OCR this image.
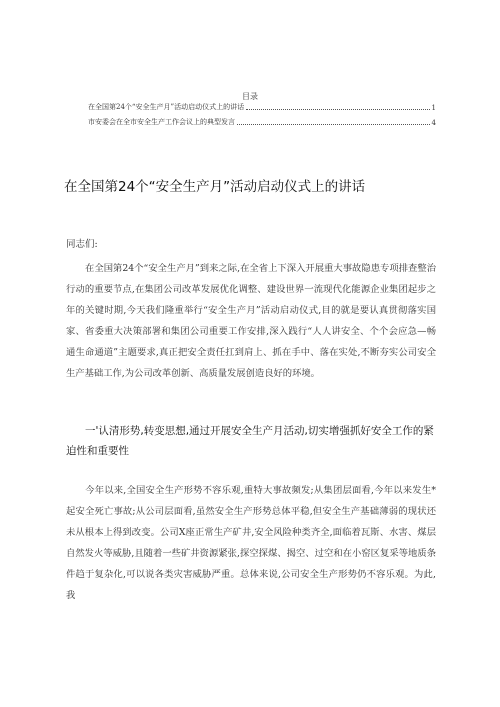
目录
在全国第24个“安全生产月”活动启动仪式上的讲话	1
市安委会在全市安全生产工作会议上的典型发言	4
在全国第24个“安全生产月”活动启动仪式上的讲话
同志们:

在全国第24个“安全生产月”到来之际,在全省上下深入开展重大事故隐患专项排查整治行动的重要节点,在集团公司改革发展优化调整、建设世界一流现代化能源企业集团起步之年的关键时期,今天我们隆重举行“安全生产月”活动启动仪式,目的就是要认真贯彻落实国家、省委重大决策部署和集团公司重要工作安排,深入践行“人人讲安全、个个会应急—畅通生命通道”主题要求,真正把安全责任扛到肩上、抓在手中、落在实处,不断夯实公司安全生产基础工作,为公司改革创新、高质量发展创造良好的环境。

一'认清形势,转变思想,通过开展安全生产月活动,切实增强抓好安全工作的紧迫性和重要性

今年以来,全国安全生产形势不容乐观,重特大事故频发;从集团层面看,今年以来发生*起安全死亡事故;从公司层面看,虽然安全生产形势总体平稳,但安全生产基础薄弱的现状还未从根本上得到改变。公司X座正常生产矿井,安全风险种类齐全,面临着瓦斯、水害、煤层自然发火等威胁,且随着一些矿井资源紧张,探空探煤、揭空、过空和在小窑区复采等地质条件趋于复杂化,可以说各类灾害威胁严重。总体来说,公司安全生产形势仍不容乐观。为此,我
